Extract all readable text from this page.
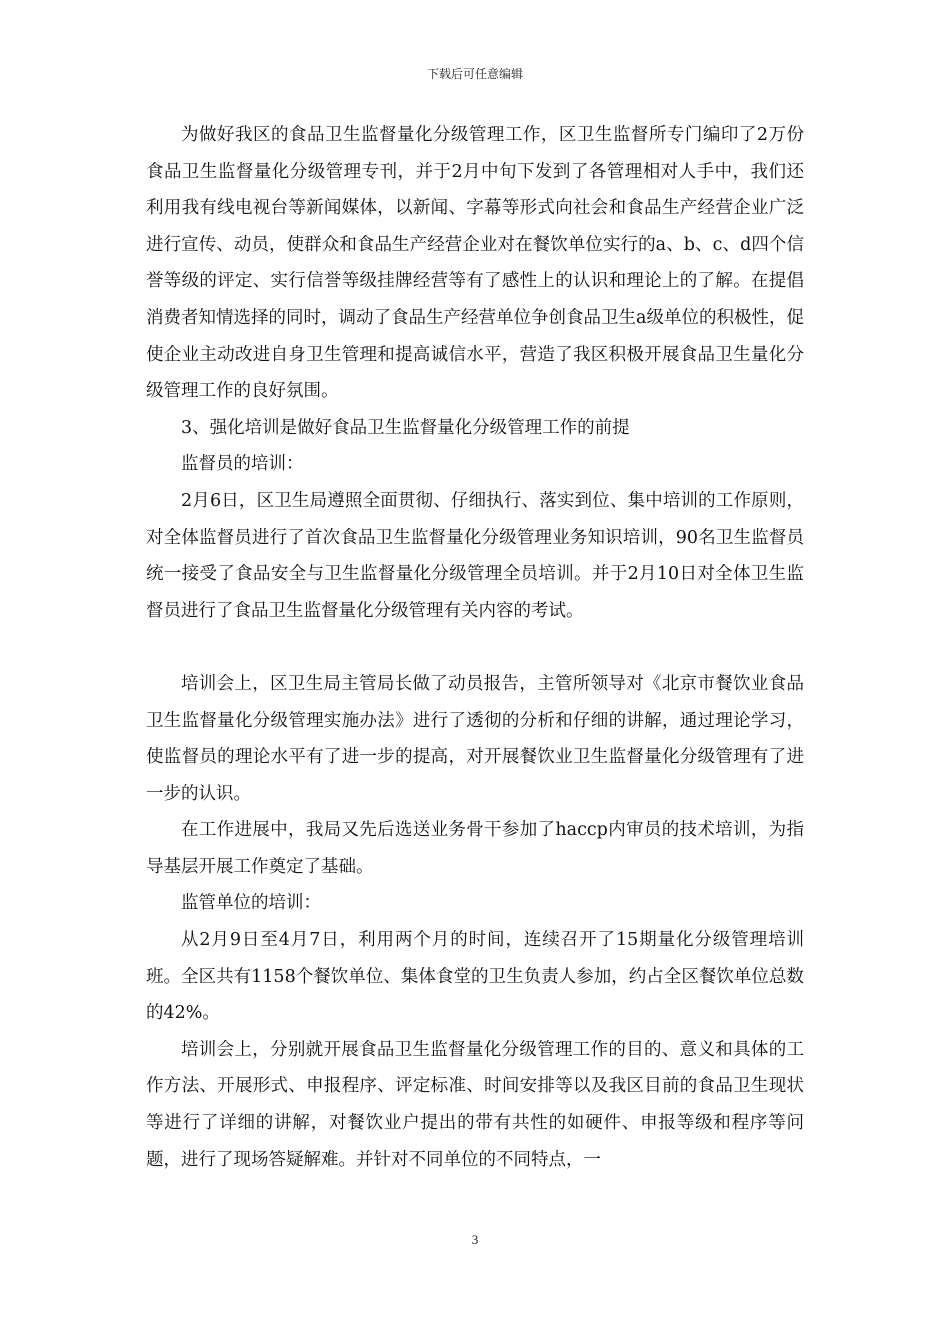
下载后可任意编辑

为做好我区的食品卫生监督量化分级管理工作，区卫生监督所专门编印了2万份食品卫生监督量化分级管理专刊，并于2月中旬下发到了各管理相对人手中，我们还利用我有线电视台等新闻媒体，以新闻、字幕等形式向社会和食品生产经营企业广泛进行宣传、动员，使群众和食品生产经营企业对在餐饮单位实行的a、b、c、d四个信誉等级的评定、实行信誉等级挂牌经营等有了感性上的认识和理论上的了解。在提倡消费者知情选择的同时，调动了食品生产经营单位争创食品卫生a级单位的积极性，促使企业主动改进自身卫生管理和提高诚信水平，营造了我区积极开展食品卫生量化分级管理工作的良好氛围。

3、强化培训是做好食品卫生监督量化分级管理工作的前提

监督员的培训：

2月6日，区卫生局遵照全面贯彻、仔细执行、落实到位、集中培训的工作原则，对全体监督员进行了首次食品卫生监督量化分级管理业务知识培训，90名卫生监督员统一接受了食品安全与卫生监督量化分级管理全员培训。并于2月10日对全体卫生监督员进行了食品卫生监督量化分级管理有关内容的考试。

培训会上，区卫生局主管局长做了动员报告，主管所领导对《北京市餐饮业食品卫生监督量化分级管理实施办法》进行了透彻的分析和仔细的讲解，通过理论学习，使监督员的理论水平有了进一步的提高，对开展餐饮业卫生监督量化分级管理有了进一步的认识。

在工作进展中，我局又先后选送业务骨干参加了haccp内审员的技术培训，为指导基层开展工作奠定了基础。

监管单位的培训：

从2月9日至4月7日，利用两个月的时间，连续召开了15期量化分级管理培训班。全区共有1158个餐饮单位、集体食堂的卫生负责人参加，约占全区餐饮单位总数的42%。

培训会上，分别就开展食品卫生监督量化分级管理工作的目的、意义和具体的工作方法、开展形式、申报程序、评定标准、时间安排等以及我区目前的食品卫生现状等进行了详细的讲解，对餐饮业户提出的带有共性的如硬件、申报等级和程序等问题，进行了现场答疑解难。并针对不同单位的不同特点，一

3
